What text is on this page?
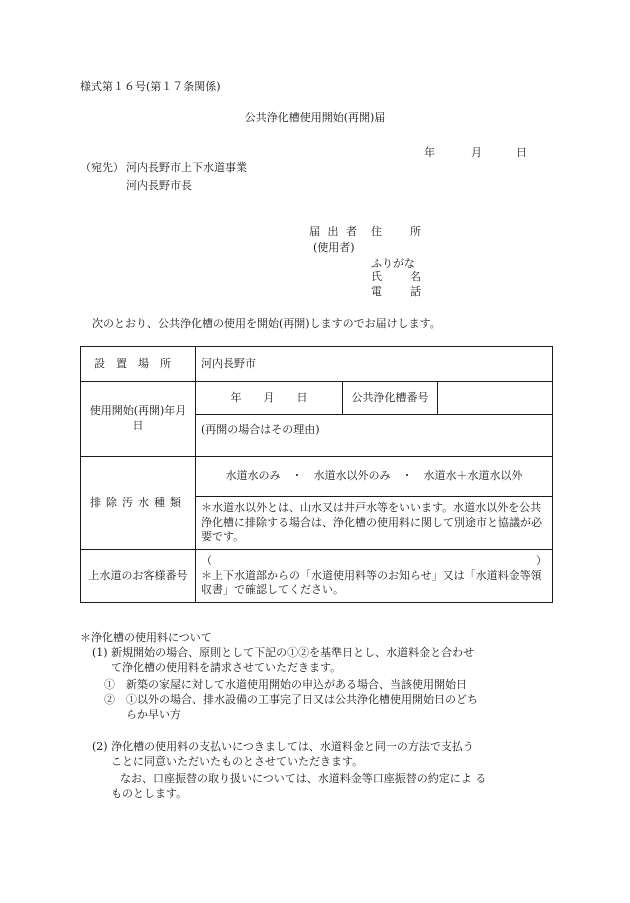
様式第１６号(第１７条関係)
公共浄化槽使用開始(再開)届
年	月	日
（宛先） 河内長野市上下水道事業
河内長野市長
届 出 者
(使用者)
住　　所
ふりがな
氏　　名
電　　話
次のとおり、公共浄化槽の使用を開始(再開)しますのでお届けします。
設置場所	河内長野市		

使用開始(再開)年月
日	年　　月　　日	公共浄化槽番号	
	(再開の場合はその理由)		
排除汚水種類	水道水のみ　・　水道水以外のみ　・　水道水＋水道水以外		
	＊水道水以外とは、山水又は井戸水等をいいます。水道水以外を公共浄化槽に排除する場合は、浄化槽の使用料に関して別途市と協議が必要です。		
上水道のお客様番号	（ ）
＊上下水道部からの「水道使用料等のお知らせ」又は「水道料金等領収書」で確認してください。		
＊浄化槽の使用料について
(1) 新規開始の場合、原則として下記の①②を基準日とし、水道料金と合わせ
て浄化槽の使用料を請求させていただきます。
①　新築の家屋に対して水道使用開始の申込がある場合、当該使用開始日
②　①以外の場合、排水設備の工事完了日又は公共浄化槽使用開始日のどち
らか早い方
(2) 浄化槽の使用料の支払いにつきましては、水道料金と同一の方法で支払う
ことに同意いただいたものとさせていただきます。
なお、口座振替の取り扱いについては、水道料金等口座振替の約定によ る
ものとします。
